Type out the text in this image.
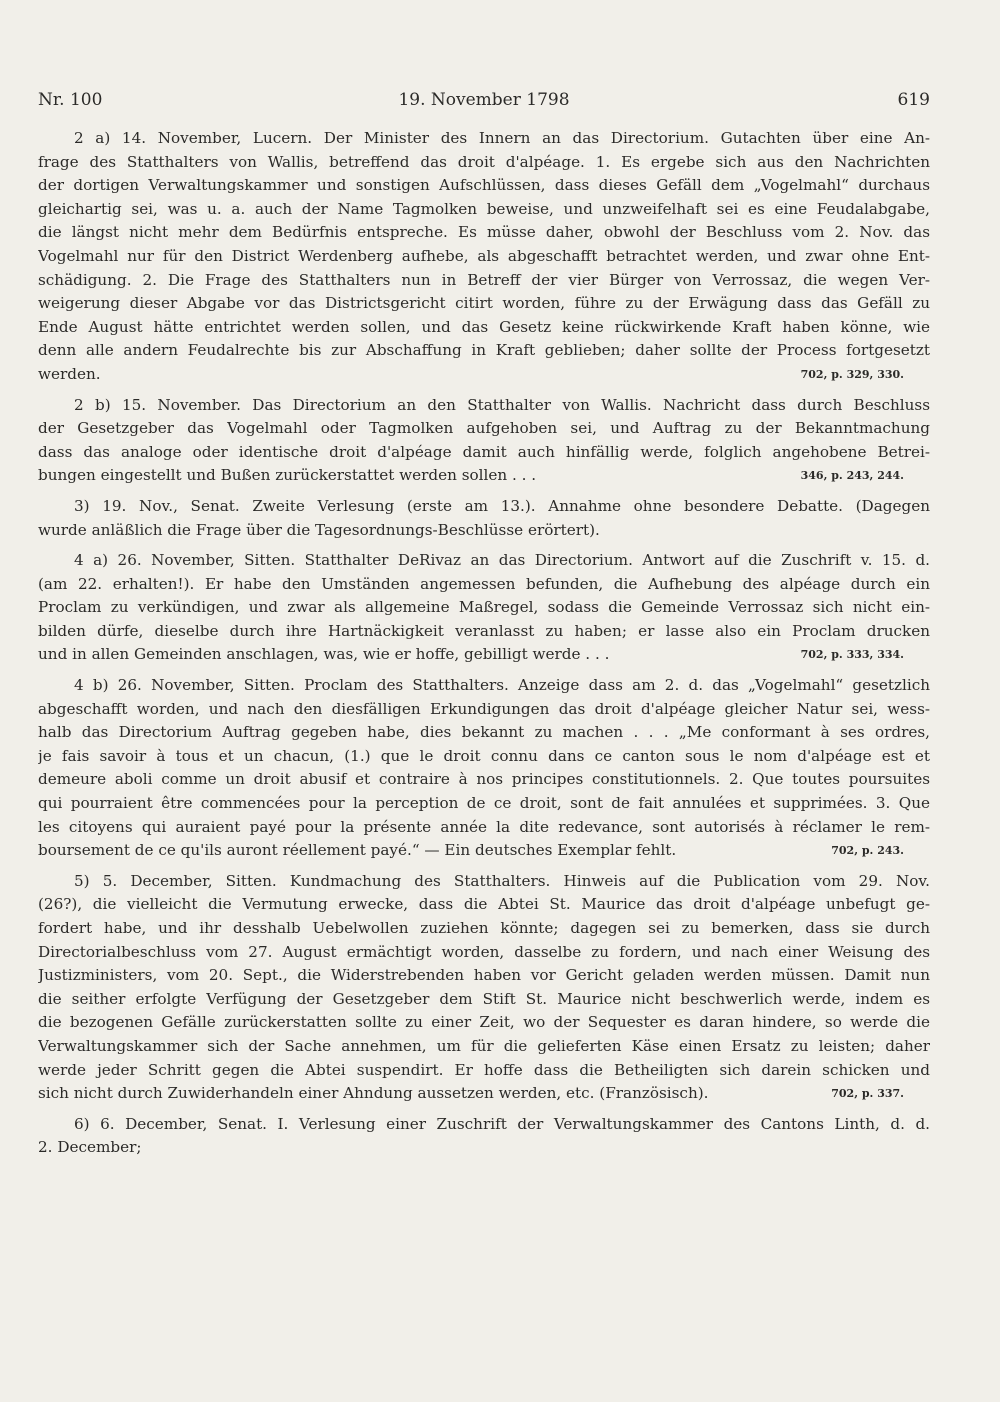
Nr. 100	19. November 1798	619
2 a) 14. November, Lucern. Der Minister des Innern an das Directorium. Gutachten über eine An-
frage des Statthalters von Wallis, betreffend das droit d'alpéage. 1. Es ergebe sich aus den Nachrichten
der dortigen Verwaltungskammer und sonstigen Aufschlüssen, dass dieses Gefäll dem „Vogelmahl“ durchaus
gleichartig sei, was u. a. auch der Name Tagmolken beweise, und unzweifelhaft sei es eine Feudalabgabe,
die längst nicht mehr dem Bedürfnis entspreche. Es müsse daher, obwohl der Beschluss vom 2. Nov. das
Vogelmahl nur für den District Werdenberg aufhebe, als abgeschafft betrachtet werden, und zwar ohne Ent-
schädigung. 2. Die Frage des Statthalters nun in Betreff der vier Bürger von Verrossaz, die wegen Ver-
weigerung dieser Abgabe vor das Districtsgericht citirt worden, führe zu der Erwägung dass das Gefäll zu
Ende August hätte entrichtet werden sollen, und das Gesetz keine rückwirkende Kraft haben könne, wie
denn alle andern Feudalrechte bis zur Abschaffung in Kraft geblieben; daher sollte der Process fortgesetzt
werden.	702, p. 329, 330.
2 b) 15. November. Das Directorium an den Statthalter von Wallis. Nachricht dass durch Beschluss
der Gesetzgeber das Vogelmahl oder Tagmolken aufgehoben sei, und Auftrag zu der Bekanntmachung
dass das analoge oder identische droit d'alpéage damit auch hinfällig werde, folglich angehobene Betrei-
bungen eingestellt und Bußen zurückerstattet werden sollen . . .	346, p. 243, 244.
3) 19. Nov., Senat. Zweite Verlesung (erste am 13.). Annahme ohne besondere Debatte. (Dagegen
wurde anläßlich die Frage über die Tagesordnungs-Beschlüsse erörtert).
4 a) 26. November, Sitten. Statthalter DeRivaz an das Directorium. Antwort auf die Zuschrift v. 15. d.
(am 22. erhalten!). Er habe den Umständen angemessen befunden, die Aufhebung des alpéage durch ein
Proclam zu verkündigen, und zwar als allgemeine Maßregel, sodass die Gemeinde Verrossaz sich nicht ein-
bilden dürfe, dieselbe durch ihre Hartnäckigkeit veranlasst zu haben; er lasse also ein Proclam drucken
und in allen Gemeinden anschlagen, was, wie er hoffe, gebilligt werde . . .	702, p. 333, 334.
4 b) 26. November, Sitten. Proclam des Statthalters. Anzeige dass am 2. d. das „Vogelmahl“ gesetzlich
abgeschafft worden, und nach den diesfälligen Erkundigungen das droit d'alpéage gleicher Natur sei, wess-
halb das Directorium Auftrag gegeben habe, dies bekannt zu machen . . . „Me conformant à ses ordres,
je fais savoir à tous et un chacun, (1.) que le droit connu dans ce canton sous le nom d'alpéage est et
demeure aboli comme un droit abusif et contraire à nos principes constitutionnels. 2. Que toutes poursuites
qui pourraient être commencées pour la perception de ce droit, sont de fait annulées et supprimées. 3. Que
les citoyens qui auraient payé pour la présente année la dite redevance, sont autorisés à réclamer le rem-
boursement de ce qu'ils auront réellement payé.“ — Ein deutsches Exemplar fehlt.	702, p. 243.
5) 5. December, Sitten. Kundmachung des Statthalters. Hinweis auf die Publication vom 29. Nov.
(26?), die vielleicht die Vermutung erwecke, dass die Abtei St. Maurice das droit d'alpéage unbefugt ge-
fordert habe, und ihr desshalb Uebelwollen zuziehen könnte; dagegen sei zu bemerken, dass sie durch
Directorialbeschluss vom 27. August ermächtigt worden, dasselbe zu fordern, und nach einer Weisung des
Justizministers, vom 20. Sept., die Widerstrebenden haben vor Gericht geladen werden müssen. Damit nun
die seither erfolgte Verfügung der Gesetzgeber dem Stift St. Maurice nicht beschwerlich werde, indem es
die bezogenen Gefälle zurückerstatten sollte zu einer Zeit, wo der Sequester es daran hindere, so werde die
Verwaltungskammer sich der Sache annehmen, um für die gelieferten Käse einen Ersatz zu leisten; daher
werde jeder Schritt gegen die Abtei suspendirt. Er hoffe dass die Betheiligten sich darein schicken und
sich nicht durch Zuwiderhandeln einer Ahndung aussetzen werden, etc. (Französisch).	702, p. 337.
6) 6. December, Senat. I. Verlesung einer Zuschrift der Verwaltungskammer des Cantons Linth, d. d.
2. December;
